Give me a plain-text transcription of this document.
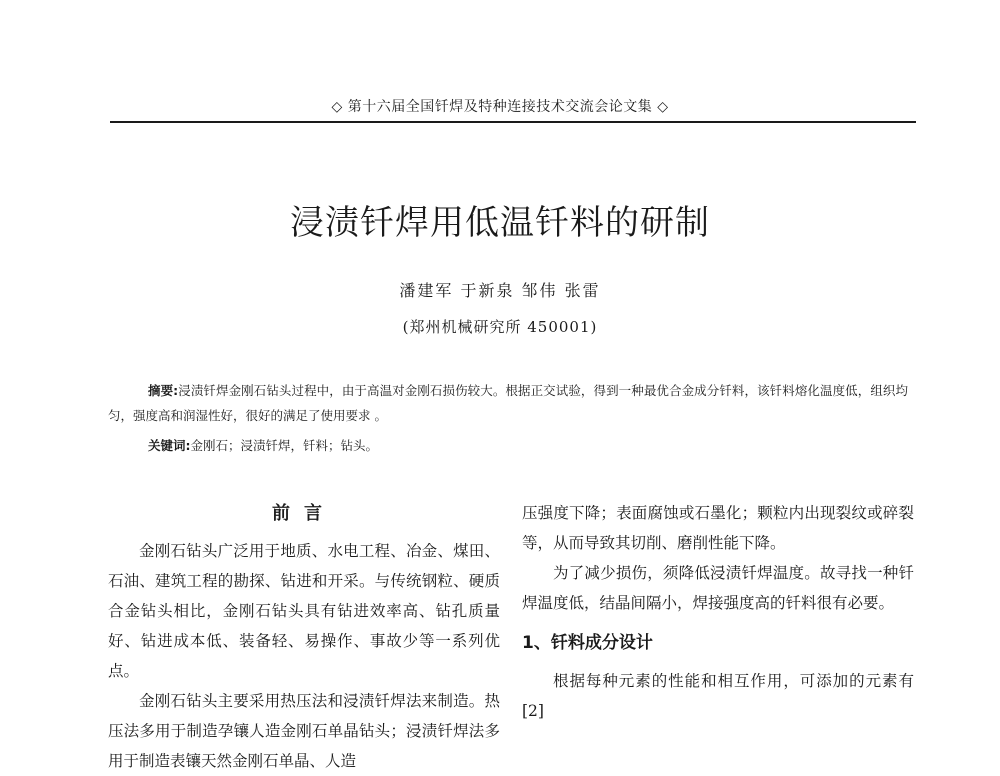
◇ 第十六届全国钎焊及特种连接技术交流会论文集 ◇
浸渍钎焊用低温钎料的研制
潘建军 于新泉 邹伟 张雷
(郑州机械研究所 450001)
摘要:浸渍钎焊金刚石钻头过程中，由于高温对金刚石损伤较大。根据正交试验，得到一种最优合金成分钎料，该钎料熔化温度低，组织均匀，强度高和润湿性好，很好的满足了使用要求 。
关键词:金刚石；浸渍钎焊，钎料；钻头。
前言

金刚石钻头广泛用于地质、水电工程、冶金、煤田、石油、建筑工程的勘探、钻进和开采。与传统钢粒、硬质合金钻头相比，金刚石钻头具有钻进效率高、钻孔质量好、钻进成本低、装备轻、易操作、事故少等一系列优点。

金刚石钻头主要采用热压法和浸渍钎焊法来制造。热压法多用于制造孕镶人造金刚石单晶钻头；浸渍钎焊法多用于制造表镶天然金刚石单晶、人造

压强度下降；表面腐蚀或石墨化；颗粒内出现裂纹或碎裂等，从而导致其切削、磨削性能下降。

为了减少损伤，须降低浸渍钎焊温度。故寻找一种钎焊温度低，结晶间隔小，焊接强度高的钎料很有必要。

1、钎料成分设计

根据每种元素的性能和相互作用，可添加的元素有[2]
